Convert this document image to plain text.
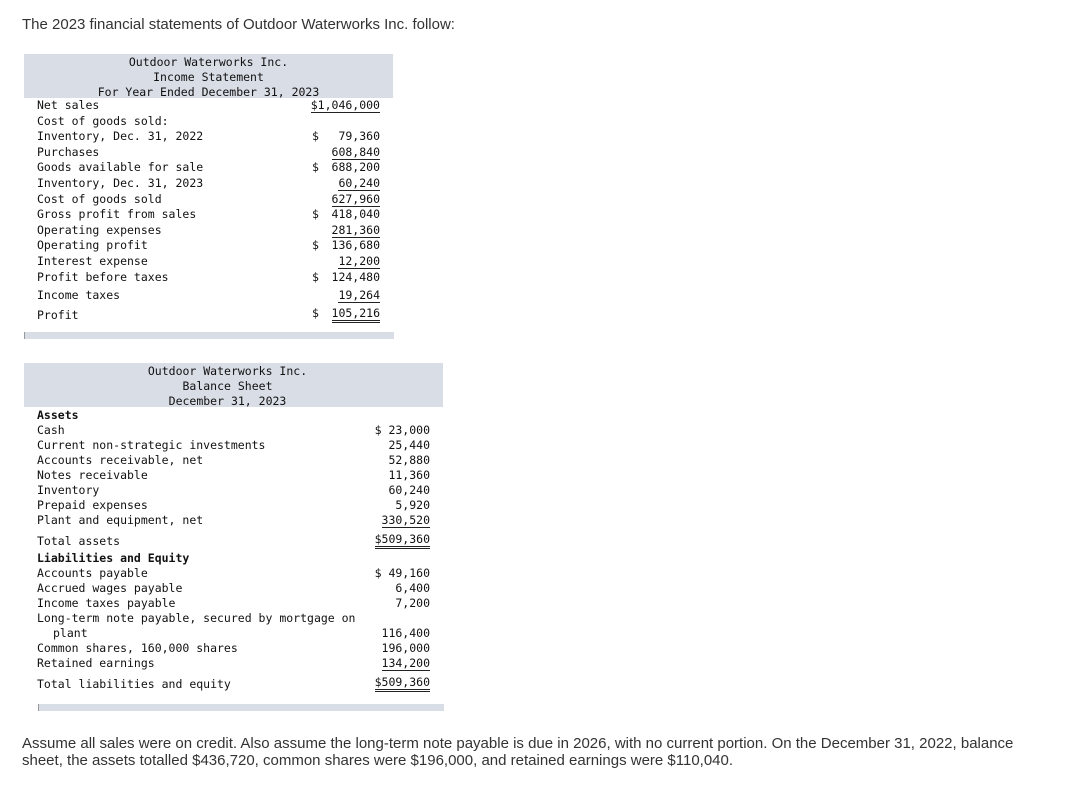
The 2023 financial statements of Outdoor Waterworks Inc. follow:
Outdoor Waterworks Inc.
Income Statement
For Year Ended December 31, 2023
Net sales	$1,046,000
Cost of goods sold:
Inventory, Dec. 31, 2022	$ 79,360
Purchases	608,840
Goods available for sale	$ 688,200
Inventory, Dec. 31, 2023	60,240
Cost of goods sold	627,960
Gross profit from sales	$ 418,040
Operating expenses	281,360
Operating profit	$ 136,680
Interest expense	12,200
Profit before taxes	$ 124,480
Income taxes	19,264
Profit	$ 105,216
Outdoor Waterworks Inc.
Balance Sheet
December 31, 2023
Assets
Cash	$ 23,000
Current non-strategic investments	25,440
Accounts receivable, net	52,880
Notes receivable	11,360
Inventory	60,240
Prepaid expenses	5,920
Plant and equipment, net	330,520
Total assets	$509,360
Liabilities and Equity
Accounts payable	$ 49,160
Accrued wages payable	6,400
Income taxes payable	7,200
Long-term note payable, secured by mortgage on
plant	116,400
Common shares, 160,000 shares	196,000
Retained earnings	134,200
Total liabilities and equity	$509,360
Assume all sales were on credit. Also assume the long-term note payable is due in 2026, with no current portion. On the December 31, 2022, balance sheet, the assets totalled $436,720, common shares were $196,000, and retained earnings were $110,040.
